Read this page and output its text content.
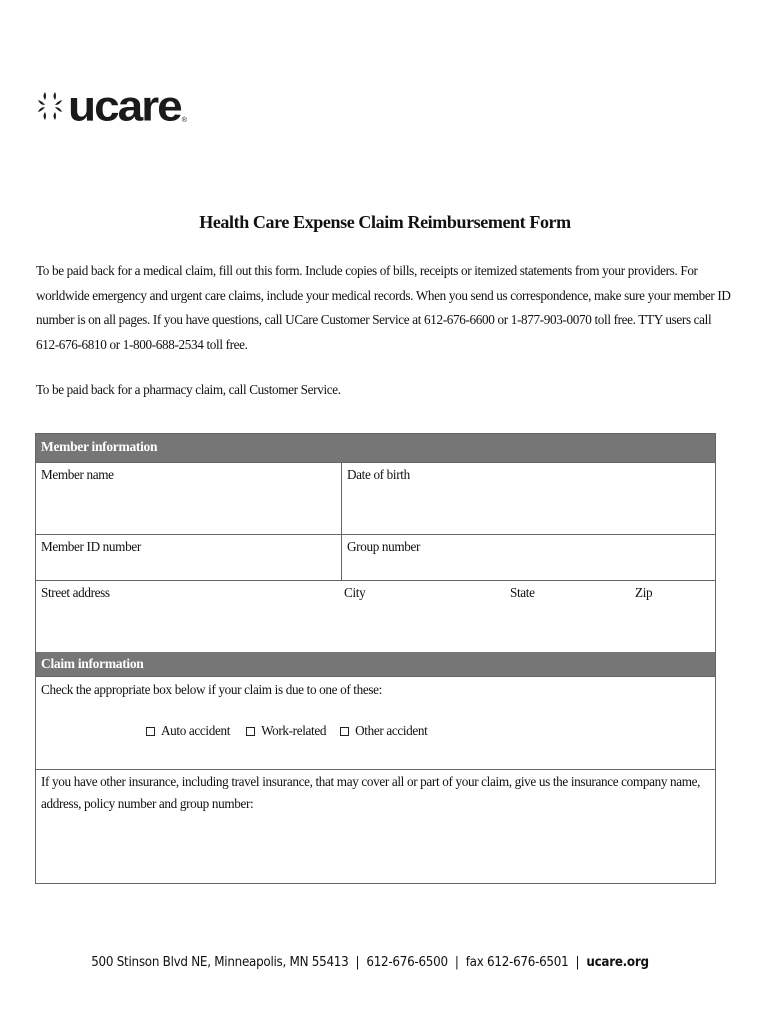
ucare ®
Health Care Expense Claim Reimbursement Form
To be paid back for a medical claim, fill out this form. Include copies of bills, receipts or itemized statements from your providers. For worldwide emergency and urgent care claims, include your medical records. When you send us correspondence, make sure your member ID number is on all pages. If you have questions, call UCare Customer Service at 612-676-6600 or 1-877-903-0070 toll free. TTY users call 612-676-6810 or 1-800-688-2534 toll free.
To be paid back for a pharmacy claim, call Customer Service.
Member information
Member name	Date of birth
Member ID number	Group number
Street address	City	State	Zip
Claim information
Check the appropriate box below if your claim is due to one of these:
Auto accident Work-related Other accident
If you have other insurance, including travel insurance, that may cover all or part of your claim, give us the insurance company name, address, policy number and group number:
500 Stinson Blvd NE, Minneapolis, MN 55413 | 612-676-6500 | fax 612-676-6501 | ucare.org
